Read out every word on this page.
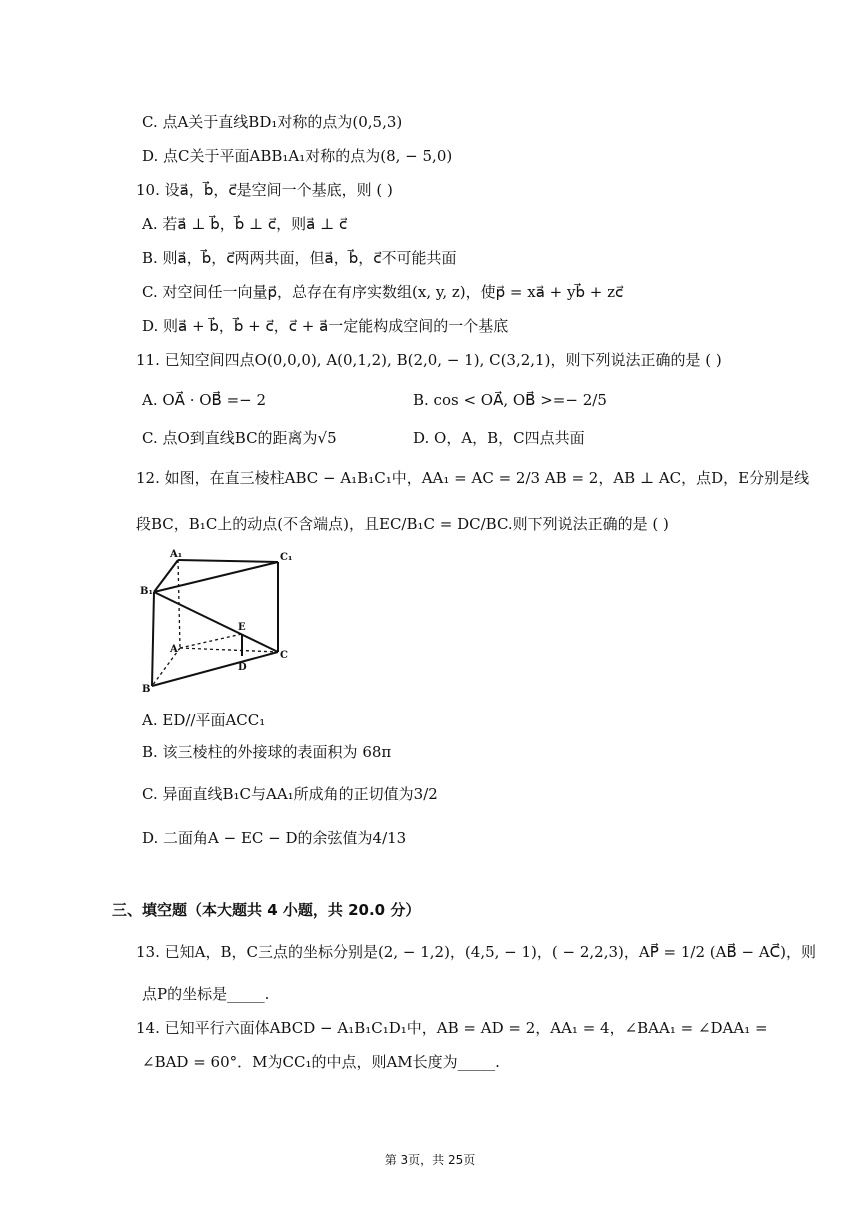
C. 点A关于直线BD₁对称的点为(0,5,3)
D. 点C关于平面ABB₁A₁对称的点为(8, − 5,0)
10. 设a⃗，b⃗，c⃗是空间一个基底，则 ( )
A. 若a⃗ ⊥ b⃗，b⃗ ⊥ c⃗，则a⃗ ⊥ c⃗
B. 则a⃗，b⃗，c⃗两两共面，但a⃗，b⃗，c⃗不可能共面
C. 对空间任一向量p⃗，总存在有序实数组(x, y, z)，使p⃗ = xa⃗ + yb⃗ + zc⃗
D. 则a⃗ + b⃗，b⃗ + c⃗，c⃗ + a⃗一定能构成空间的一个基底
11. 已知空间四点O(0,0,0), A(0,1,2), B(2,0, − 1), C(3,2,1)，则下列说法正确的是 ( )
A. OA⃗ · OB⃗ =− 2	B. cos < OA⃗, OB⃗ >=− 2/5
C. 点O到直线BC的距离为√5	D. O，A，B，C四点共面
12. 如图，在直三棱柱ABC − A₁B₁C₁中，AA₁ = AC = 2/3 AB = 2，AB ⊥ AC，点D，E分别是线
段BC，B₁C上的动点(不含端点)，且EC/B₁C = DC/BC.则下列说法正确的是 ( )
A₁	C₁
B₁
E
A
C
D
B
A. ED//平面ACC₁
B. 该三棱柱的外接球的表面积为 68π
C. 异面直线B₁C与AA₁所成角的正切值为3/2
D. 二面角A − EC − D的余弦值为4/13
三、填空题（本大题共 4 小题，共 20.0 分）
13. 已知A，B，C三点的坐标分别是(2, − 1,2)，(4,5, − 1)，( − 2,2,3)，AP⃗ = 1/2 (AB⃗ − AC⃗)，则
点P的坐标是_____.
14. 已知平行六面体ABCD − A₁B₁C₁D₁中，AB = AD = 2，AA₁ = 4，∠BAA₁ = ∠DAA₁ =
∠BAD = 60°．M为CC₁的中点，则AM长度为_____.
第 3页，共 25页
